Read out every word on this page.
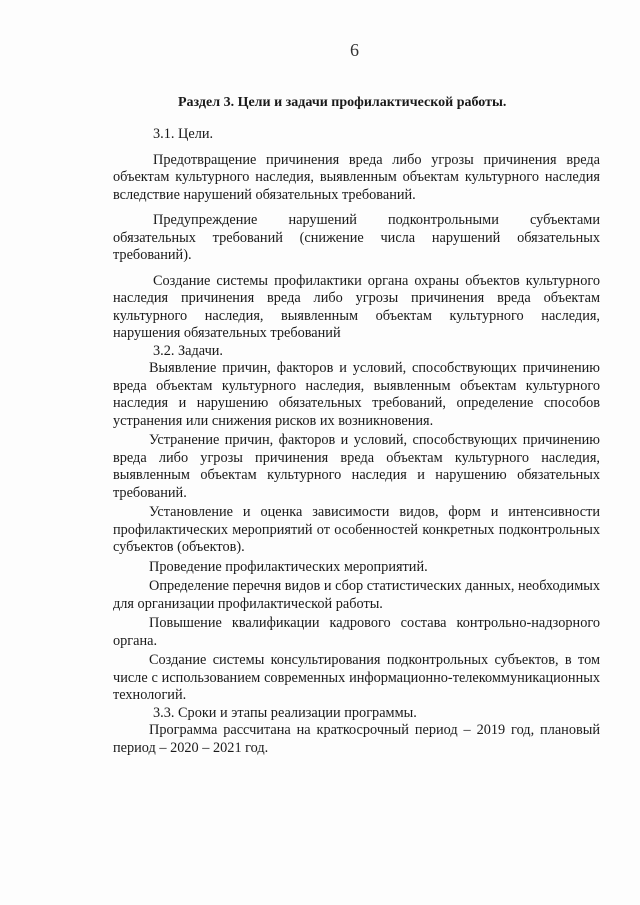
6
Раздел 3. Цели и задачи профилактической работы.

3.1. Цели.

Предотвращение причинения вреда либо угрозы причинения вреда объектам культурного наследия, выявленным объектам культурного наследия вследствие нарушений обязательных требований.

Предупреждение нарушений подконтрольными субъектами обязательных требований (снижение числа нарушений обязательных требований).

Создание системы профилактики органа охраны объектов культурного наследия причинения вреда либо угрозы причинения вреда объектам культурного наследия, выявленным объектам культурного наследия, нарушения обязательных требований

3.2. Задачи.

Выявление причин, факторов и условий, способствующих причинению вреда объектам культурного наследия, выявленным объектам культурного наследия и нарушению обязательных требований, определение способов устранения или снижения рисков их возникновения.

Устранение причин, факторов и условий, способствующих причинению вреда либо угрозы причинения вреда объектам культурного наследия, выявленным объектам культурного наследия и нарушению обязательных требований.

Установление и оценка зависимости видов, форм и интенсивности профилактических мероприятий от особенностей конкретных подконтрольных субъектов (объектов).

Проведение профилактических мероприятий.

Определение перечня видов и сбор статистических данных, необходимых для организации профилактической работы.

Повышение квалификации кадрового состава контрольно-надзорного органа.

Создание системы консультирования подконтрольных субъектов, в том числе с использованием современных информационно-телекоммуникационных технологий.

3.3. Сроки и этапы реализации программы.

Программа рассчитана на краткосрочный период – 2019 год, плановый период – 2020 – 2021 год.
